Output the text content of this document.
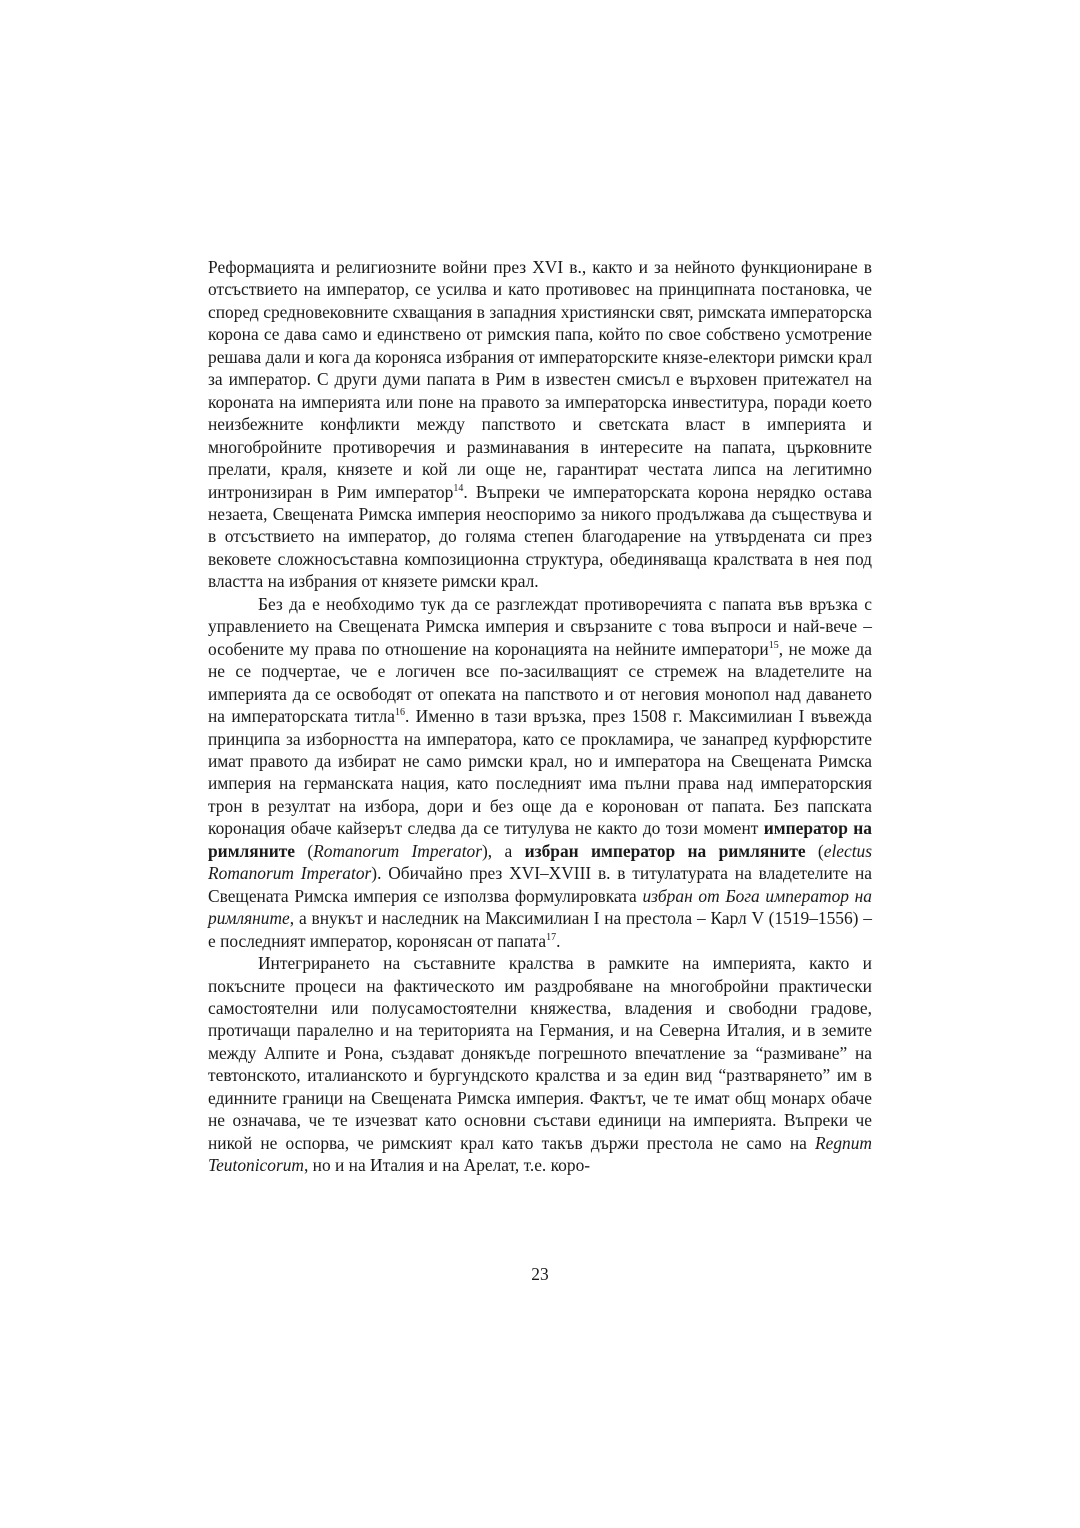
Реформацията и религиозните войни през XVI в., както и за нейното функциониране в отсъствието на император, се усилва и като противовес на принципната постановка, че според средновековните схващания в западния християнски свят, римската императорска корона се дава само и единствено от римския папа, който по свое собствено усмотрение решава дали и кога да коронясa избрания от императорските князе-електори римски крал за император. С други думи папата в Рим в известен смисъл е върховен притежател на короната на империята или поне на правото за императорска инвеститура, поради което неизбежните конфликти между папството и светската власт в империята и многобройните противоречия и разминавания в интересите на папата, църковните прелати, краля, князете и кой ли още не, гарантират честата липса на легитимно интронизиран в Рим император$^{14}$. Въпреки че императорската корона нерядко остава незаета, Свещената Римска империя неоспоримо за никого продължава да съществува и в отсъствието на император, до голяма степен благодарение на утвърдената си през вековете сложносъставна композиционна структура, обединяваща кралствата в нея под властта на избрания от князете римски крал.

Без да е необходимо тук да се разглеждат противоречията с папата във връзка с управлението на Свещената Римска империя и свързаните с това въпроси и най-вече – особените му права по отношение на коронацията на нейните императори$^{15}$, не може да не се подчертае, че е логичен все по-засилващият се стремеж на владетелите на империята да се освободят от опеката на папството и от неговия монопол над даването на императорската титла$^{16}$. Именно в тази връзка, през 1508 г. Максимилиан I въвежда принципа за изборността на императора, като се прокламира, че занапред курфюрстите имат правото да избират не само римски крал, но и императора на Свещената Римска империя на германската нация, като последният има пълни права над императорския трон в резултат на избора, дори и без още да е коронован от папата. Без папската коронация обаче кайзерът следва да се титулува не както до този момент император на римляните (Romanorum Imperator), а избран император на римляните (electus Romanorum Imperator). Обичайно през XVI–XVIII в. в титулатурата на владетелите на Свещената Римска империя се използва формулировката избран от Бога император на римляните, а внукът и наследник на Максимилиан I на престола – Карл V (1519–1556) – е последният император, коронясан от папата$^{17}$.

Интегрирането на съставните кралства в рамките на империята, както и покъсните процеси на фактическото им раздробяване на многобройни практически самостоятелни или полусамостоятелни княжества, владения и свободни градове, протичащи паралелно и на територията на Германия, и на Северна Италия, и в земите между Алпите и Рона, създават донякъде погрешното впечатление за “размиване” на тевтонското, италианското и бургундското кралства и за един вид “разтварянето” им в единните граници на Свещената Римска империя. Фактът, че те имат общ монарх обаче не означава, че те изчезват като основни състави единици на империята. Въпреки че никой не оспорва, че римският крал като такъв държи престола не само на Regnum Teutonicorum, но и на Италия и на Арелат, т.е. коро-

23
